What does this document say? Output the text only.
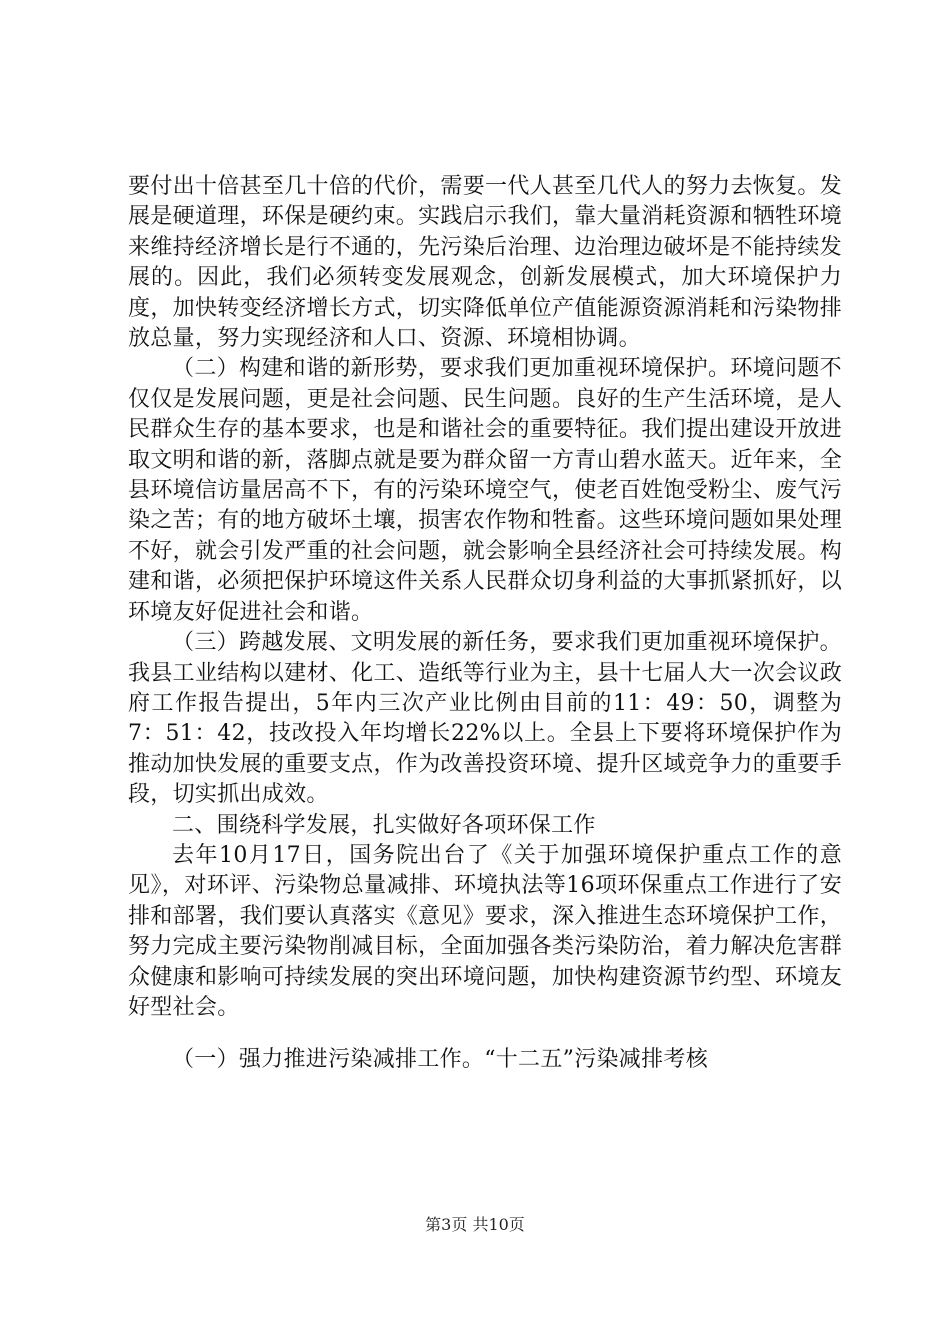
要付出十倍甚至几十倍的代价，需要一代人甚至几代人的努力去恢复。发展是硬道理，环保是硬约束。实践启示我们，靠大量消耗资源和牺牲环境来维持经济增长是行不通的，先污染后治理、边治理边破坏是不能持续发展的。因此，我们必须转变发展观念，创新发展模式，加大环境保护力度，加快转变经济增长方式，切实降低单位产值能源资源消耗和污染物排放总量，努力实现经济和人口、资源、环境相协调。

（二）构建和谐的新形势，要求我们更加重视环境保护。环境问题不仅仅是发展问题，更是社会问题、民生问题。良好的生产生活环境，是人民群众生存的基本要求，也是和谐社会的重要特征。我们提出建设开放进取文明和谐的新，落脚点就是要为群众留一方青山碧水蓝天。近年来，全县环境信访量居高不下，有的污染环境空气，使老百姓饱受粉尘、废气污染之苦；有的地方破坏土壤，损害农作物和牲畜。这些环境问题如果处理不好，就会引发严重的社会问题，就会影响全县经济社会可持续发展。构建和谐，必须把保护环境这件关系人民群众切身利益的大事抓紧抓好，以环境友好促进社会和谐。

（三）跨越发展、文明发展的新任务，要求我们更加重视环境保护。我县工业结构以建材、化工、造纸等行业为主，县十七届人大一次会议政府工作报告提出，5年内三次产业比例由目前的11：49：50，调整为7：51：42，技改投入年均增长22%以上。全县上下要将环境保护作为推动加快发展的重要支点，作为改善投资环境、提升区域竞争力的重要手段，切实抓出成效。

二、围绕科学发展，扎实做好各项环保工作

去年10月17日，国务院出台了《关于加强环境保护重点工作的意见》，对环评、污染物总量减排、环境执法等16项环保重点工作进行了安排和部署，我们要认真落实《意见》要求，深入推进生态环境保护工作，努力完成主要污染物削减目标，全面加强各类污染防治，着力解决危害群众健康和影响可持续发展的突出环境问题，加快构建资源节约型、环境友好型社会。

（一）强力推进污染减排工作。“十二五”污染减排考核

第3页 共10页
